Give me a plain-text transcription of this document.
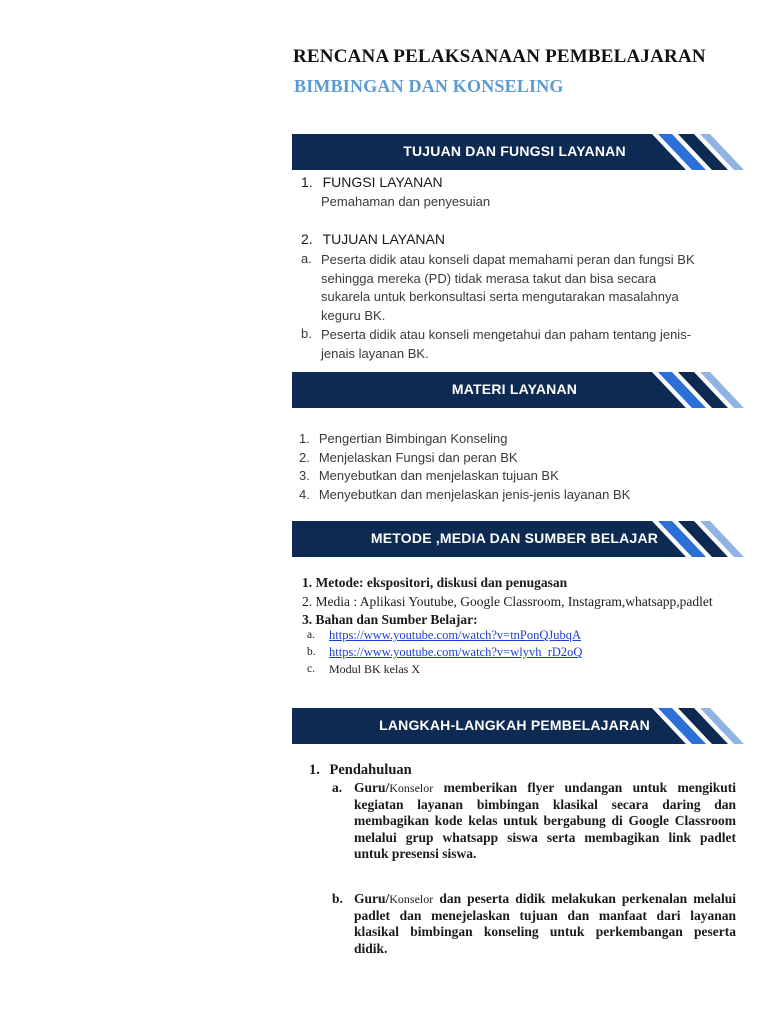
RENCANA PELAKSANAAN PEMBELAJARAN
BIMBINGAN DAN KONSELING
TUJUAN DAN FUNGSI LAYANAN
1. FUNGSI LAYANAN
Pemahaman dan penyesuian
2. TUJUAN LAYANAN
a. Peserta didik atau konseli dapat memahami peran dan fungsi BK
sehingga mereka (PD) tidak merasa takut dan bisa secara
sukarela untuk berkonsultasi serta mengutarakan masalahnya
keguru BK.
b. Peserta didik atau konseli mengetahui dan paham tentang jenis-
jenais layanan BK.
MATERI LAYANAN
1. Pengertian Bimbingan Konseling
2. Menjelaskan Fungsi dan peran BK
3. Menyebutkan dan menjelaskan tujuan BK
4. Menyebutkan dan menjelaskan jenis-jenis layanan BK
METODE ,MEDIA DAN SUMBER BELAJAR
1. Metode: ekspositori, diskusi dan penugasan
2. Media : Aplikasi Youtube, Google Classroom, Instagram,whatsapp,padlet
3. Bahan dan Sumber Belajar:
a. https://www.youtube.com/watch?v=tnPonQJubqA
b. https://www.youtube.com/watch?v=wlyvh_rD2oQ
c. Modul BK kelas X
LANGKAH-LANGKAH PEMBELAJARAN
1. Pendahuluan
a. Guru/Konselor memberikan flyer undangan untuk mengikuti
kegiatan layanan bimbingan klasikal secara daring dan
membagikan kode kelas untuk bergabung di Google Classroom
melalui grup whatsapp siswa serta membagikan link padlet
untuk presensi siswa.
b. Guru/Konselor dan peserta didik melakukan perkenalan melalui
padlet dan menejelaskan tujuan dan manfaat dari layanan
klasikal bimbingan konseling untuk perkembangan peserta
didik.
